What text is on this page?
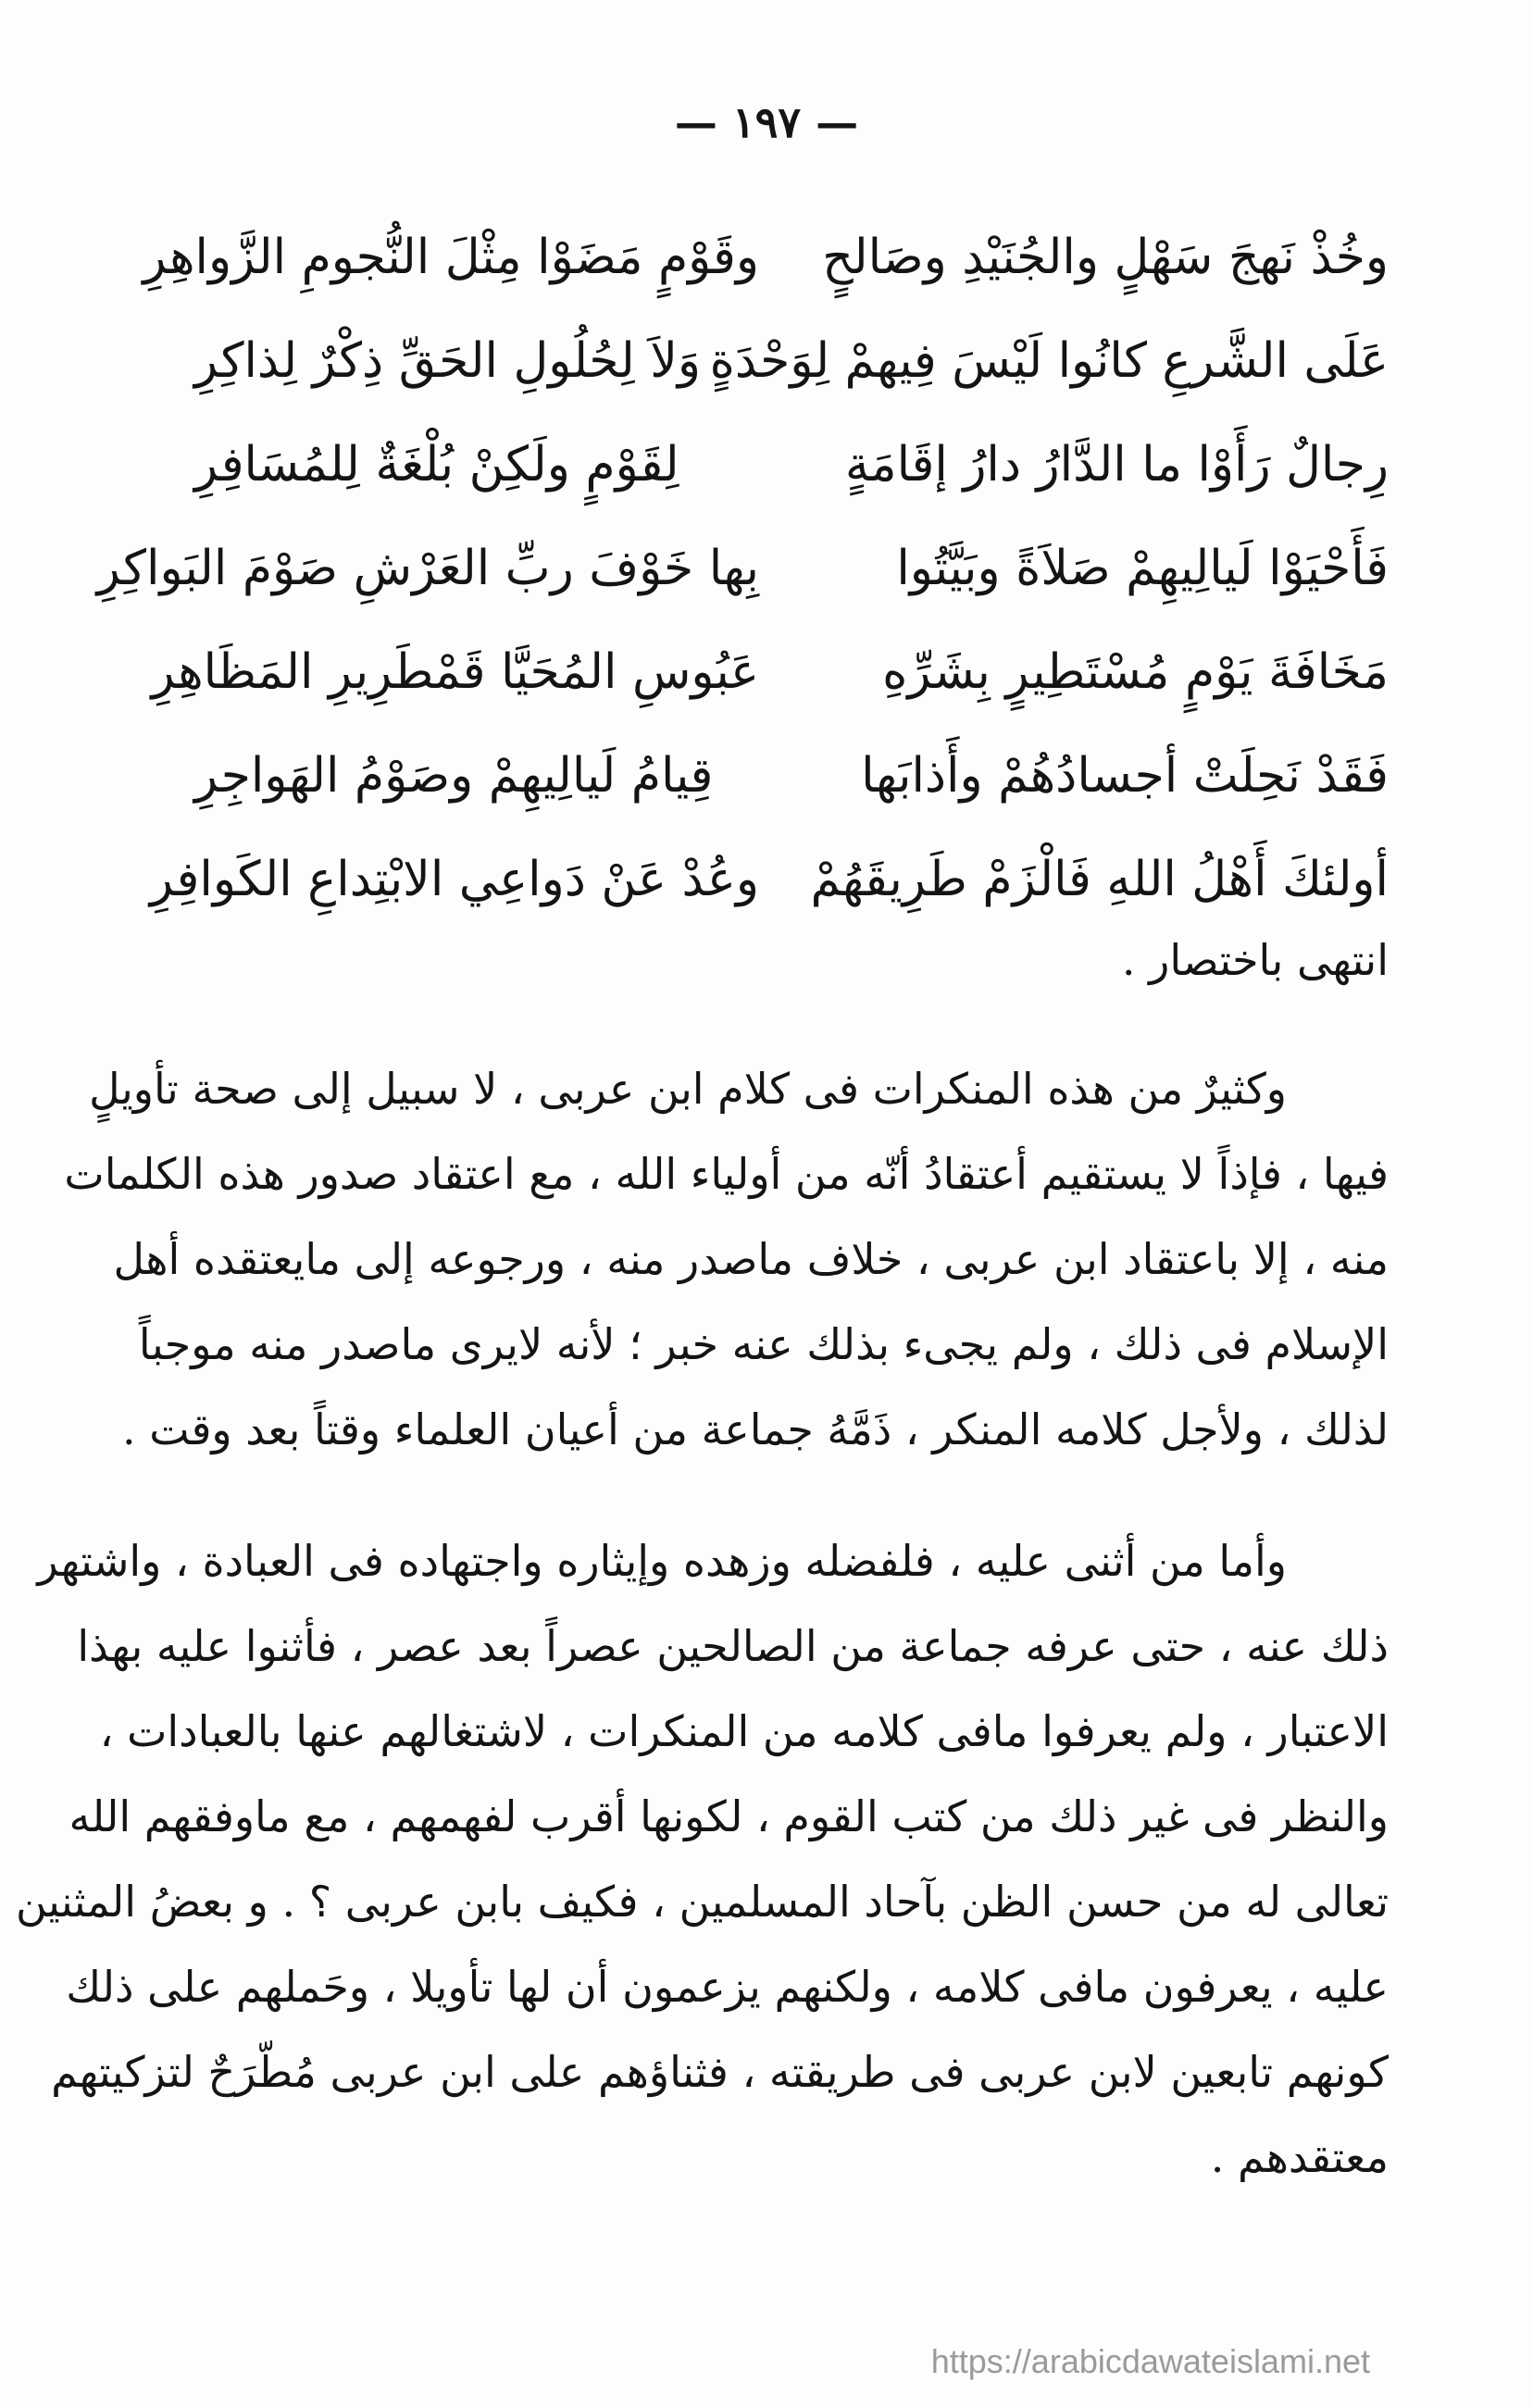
— ١٩٧ —
وخُذْ نَهجَ سَهْلٍ والجُنَيْدِ وصَالحٍ
وقَوْمٍ مَضَوْا مِثْلَ النُّجومِ الزَّواهِرِ
عَلَى الشَّرعِ كانُوا لَيْسَ فِيهمْ لِوَحْدَةٍ
وَلاَ لِحُلُولِ الحَقِّ ذِكْرٌ لِذاكِرِ
رِجالٌ رَأَوْا ما الدَّارُ دارُ إقَامَةٍ
لِقَوْمٍ ولَكِنْ بُلْغَةٌ لِلمُسَافِرِ
فَأَحْيَوْا لَيالِيهِمْ صَلاَةً وبَيَّتُوا
بِها خَوْفَ ربِّ العَرْشِ صَوْمَ البَواكِرِ
مَخَافَةَ يَوْمٍ مُسْتَطِيرٍ بِشَرِّهِ
عَبُوسِ المُحَيَّا قَمْطَرِيرِ المَظَاهِرِ
فَقَدْ نَحِلَتْ أجسادُهُمْ وأَذابَها
قِيامُ لَيالِيهِمْ وصَوْمُ الهَواجِرِ
أولئكَ أَهْلُ اللهِ فَالْزَمْ طَرِيقَهُمْ
وعُدْ عَنْ دَواعِي الابْتِداعِ الكَوافِرِ
انتهى باختصار .
وكثيرٌ من هذه المنكرات فى كلام ابن عربى ، لا سبيل إلى صحة تأويلٍ
فيها ، فإذاً لا يستقيم أعتقادُ أنّه من أولياء الله ، مع اعتقاد صدور هذه الكلمات
منه ، إلا باعتقاد ابن عربى ، خلاف ماصدر منه ، ورجوعه إلى مايعتقده أهل
الإسلام فى ذلك ، ولم يجىء بذلك عنه خبر ؛ لأنه لايرى ماصدر منه موجباً
لذلك ، ولأجل كلامه المنكر ، ذَمَّهُ جماعة من أعيان العلماء وقتاً بعد وقت .
وأما من أثنى عليه ، فلفضله وزهده وإيثاره واجتهاده فى العبادة ، واشتهر
ذلك عنه ، حتى عرفه جماعة من الصالحين عصراً بعد عصر ، فأثنوا عليه بهذا
الاعتبار ، ولم يعرفوا مافى كلامه من المنكرات ، لاشتغالهم عنها بالعبادات ،
والنظر فى غير ذلك من كتب القوم ، لكونها أقرب لفهمهم ، مع ماوفقهم الله
تعالى له من حسن الظن بآحاد المسلمين ، فكيف بابن عربى ؟ . و بعضُ المثنين
عليه ، يعرفون مافى كلامه ، ولكنهم يزعمون أن لها تأويلا ، وحَملهم على ذلك
كونهم تابعين لابن عربى فى طريقته ، فثناؤهم على ابن عربى مُطّرَحٌ لتزكيتهم
معتقدهم .
https://arabicdawateislami.net
